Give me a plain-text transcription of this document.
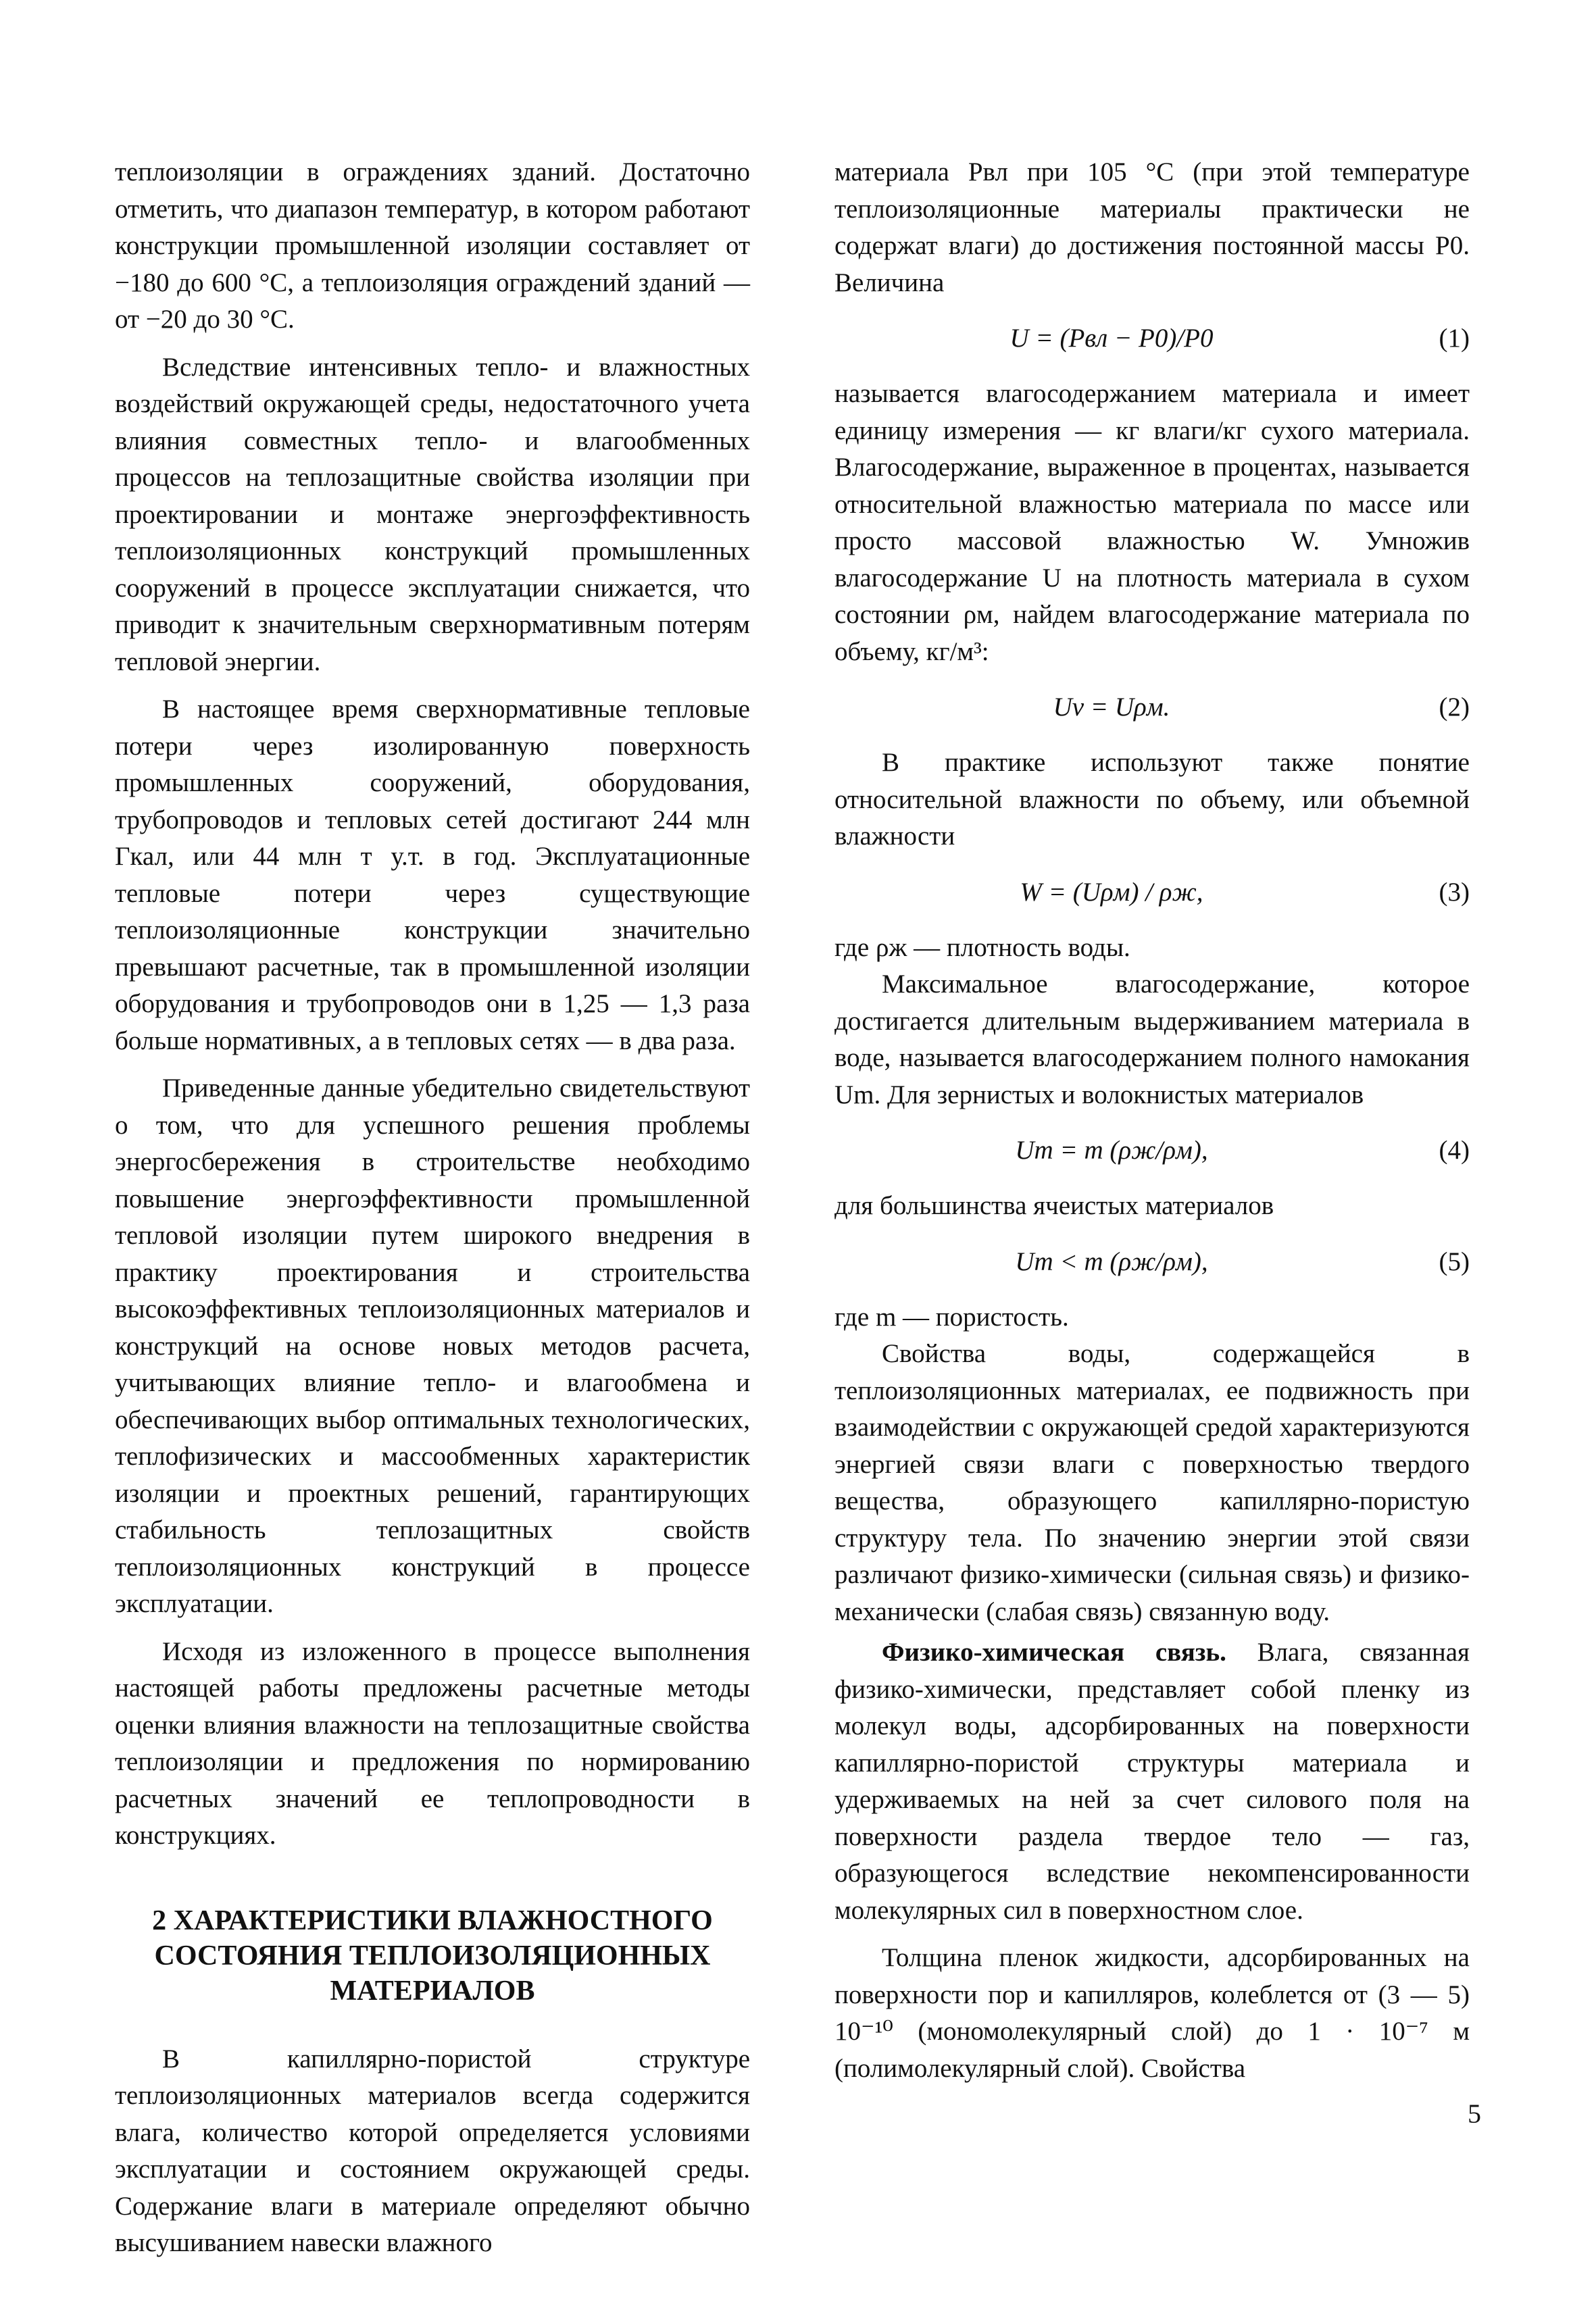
теплоизоляции в ограждениях зданий. Достаточно отметить, что диапазон температур, в котором работают конструкции промышленной изоляции составляет от −180 до 600 °С, а теплоизоляция ограждений зданий — от −20 до 30 °С.

Вследствие интенсивных тепло- и влажностных воздействий окружающей среды, недостаточного учета влияния совместных тепло- и влагообменных процессов на теплозащитные свойства изоляции при проектировании и монтаже энергоэффективность теплоизоляционных конструкций промышленных сооружений в процессе эксплуатации снижается, что приводит к значительным сверхнормативным потерям тепловой энергии.

В настоящее время сверхнормативные тепловые потери через изолированную поверхность промышленных сооружений, оборудования, трубопроводов и тепловых сетей достигают 244 млн Гкал, или 44 млн т у.т. в год. Эксплуатационные тепловые потери через существующие теплоизоляционные конструкции значительно превышают расчетные, так в промышленной изоляции оборудования и трубопроводов они в 1,25 — 1,3 раза больше нормативных, а в тепловых сетях — в два раза.

Приведенные данные убедительно свидетельствуют о том, что для успешного решения проблемы энергосбережения в строительстве необходимо повышение энергоэффективности промышленной тепловой изоляции путем широкого внедрения в практику проектирования и строительства высокоэффективных теплоизоляционных материалов и конструкций на основе новых методов расчета, учитывающих влияние тепло- и влагообмена и обеспечивающих выбор оптимальных технологических, теплофизических и массообменных характеристик изоляции и проектных решений, гарантирующих стабильность теплозащитных свойств теплоизоляционных конструкций в процессе эксплуатации.

Исходя из изложенного в процессе выполнения настоящей работы предложены расчетные методы оценки влияния влажности на теплозащитные свойства теплоизоляции и предложения по нормированию расчетных значений ее теплопроводности в конструкциях.

2 ХАРАКТЕРИСТИКИ ВЛАЖНОСТНОГО СОСТОЯНИЯ ТЕПЛОИЗОЛЯЦИОННЫХ МАТЕРИАЛОВ

В капиллярно-пористой структуре теплоизоляционных материалов всегда содержится влага, количество которой определяется условиями эксплуатации и состоянием окружающей среды. Содержание влаги в материале определяют обычно высушиванием навески влажного

материала Pвл при 105 °С (при этой температуре теплоизоляционные материалы практически не содержат влаги) до достижения постоянной массы P0. Величина

U = (Pвл − P0)/P0	(1)

называется влагосодержанием материала и имеет единицу измерения — кг влаги/кг сухого материала. Влагосодержание, выраженное в процентах, называется относительной влажностью материала по массе или просто массовой влажностью W. Умножив влагосодержание U на плотность материала в сухом состоянии ρм, найдем влагосодержание материала по объему, кг/м³:

Uv = Uρм.	(2)

В практике используют также понятие относительной влажности по объему, или объемной влажности

W = (Uρм) / ρж,	(3)

где ρж — плотность воды.

Максимальное влагосодержание, которое достигается длительным выдерживанием материала в воде, называется влагосодержанием полного намокания Um. Для зернистых и волокнистых материалов

Um = m (ρж/ρм),	(4)

для большинства ячеистых материалов

Um < m (ρж/ρм),	(5)

где m — пористость.

Свойства воды, содержащейся в теплоизоляционных материалах, ее подвижность при взаимодействии с окружающей средой характеризуются энергией связи влаги с поверхностью твердого вещества, образующего капиллярно-пористую структуру тела. По значению энергии этой связи различают физико-химически (сильная связь) и физико-механически (слабая связь) связанную воду.

Физико-химическая связь. Влага, связанная физико-химически, представляет собой пленку из молекул воды, адсорбированных на поверхности капиллярно-пористой структуры материала и удерживаемых на ней за счет силового поля на поверхности раздела твердое тело — газ, образующегося вследствие некомпенсированности молекулярных сил в поверхностном слое.

Толщина пленок жидкости, адсорбированных на поверхности пор и капилляров, колеблется от (3 — 5) 10⁻¹⁰ (мономолекулярный слой) до 1 · 10⁻⁷ м (полимолекулярный слой). Свойства

5
